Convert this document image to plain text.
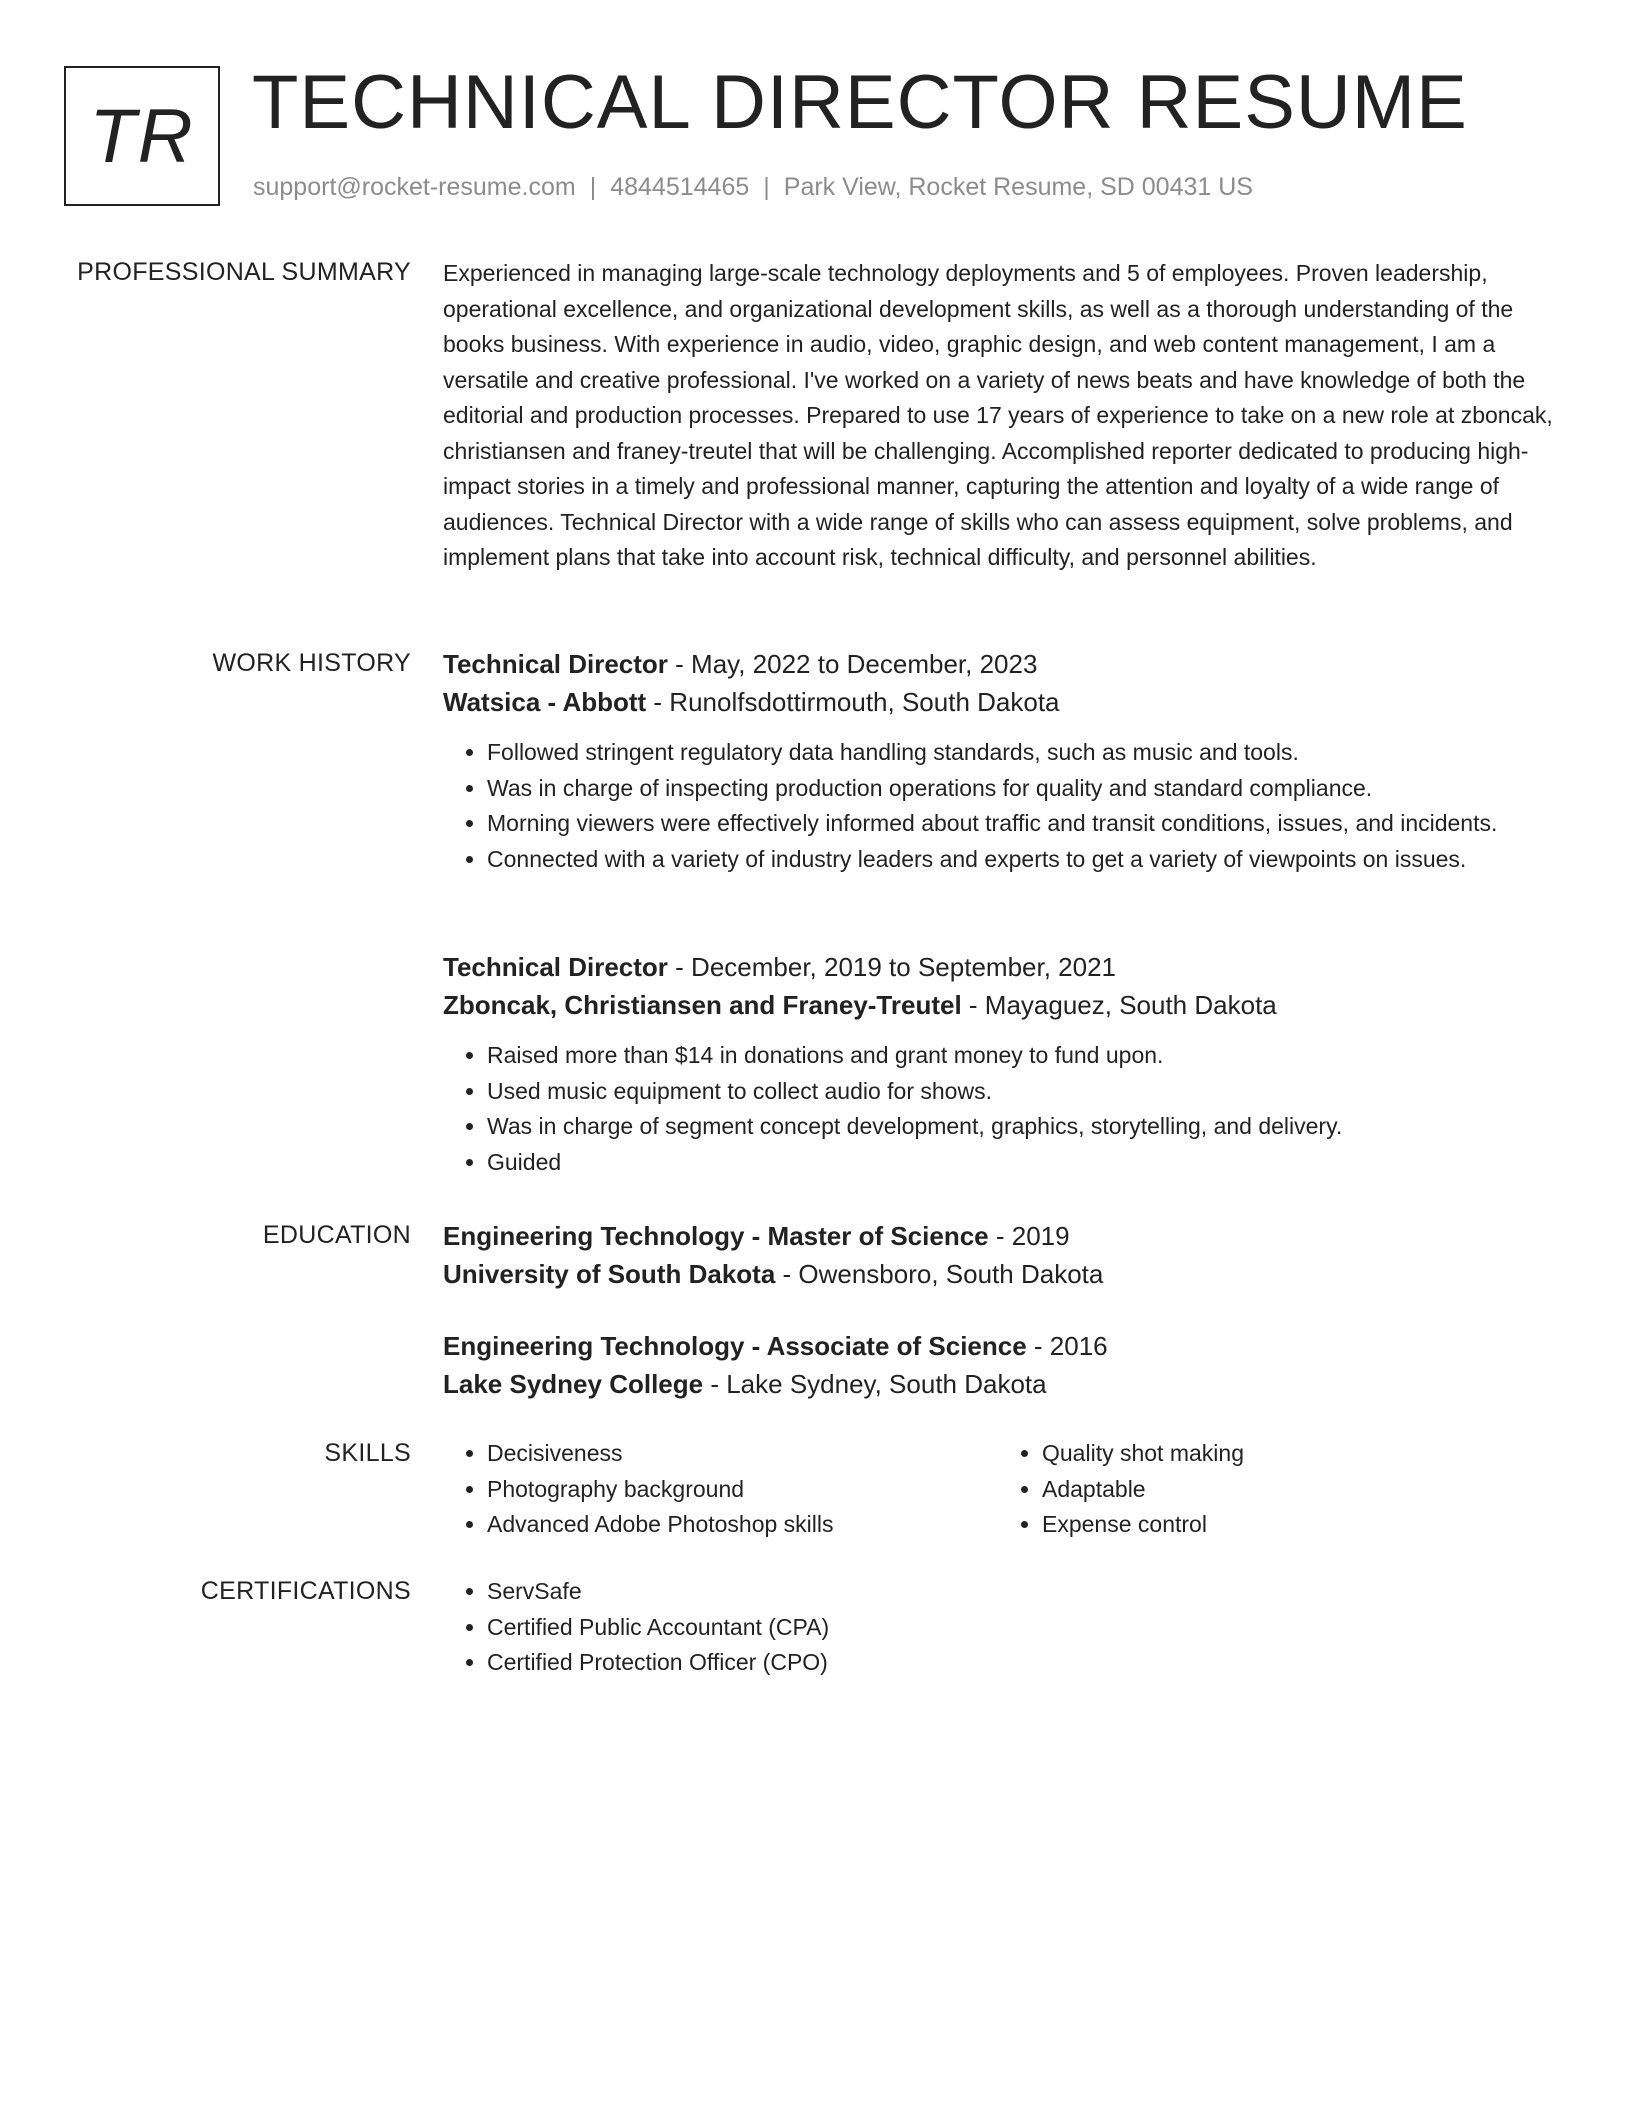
TR TECHNICAL DIRECTOR RESUME
support@rocket-resume.com | 4844514465 | Park View, Rocket Resume, SD 00431 US
PROFESSIONAL SUMMARY Experienced in managing large-scale technology deployments and 5 of employees. Proven leadership, operational excellence, and organizational development skills, as well as a thorough understanding of the books business. With experience in audio, video, graphic design, and web content management, I am a versatile and creative professional. I've worked on a variety of news beats and have knowledge of both the editorial and production processes. Prepared to use 17 years of experience to take on a new role at zboncak, christiansen and franey-treutel that will be challenging. Accomplished reporter dedicated to producing high-impact stories in a timely and professional manner, capturing the attention and loyalty of a wide range of audiences. Technical Director with a wide range of skills who can assess equipment, solve problems, and implement plans that take into account risk, technical difficulty, and personnel abilities.
WORK HISTORY Technical Director - May, 2022 to December, 2023
Watsica - Abbott - Runolfsdottirmouth, South Dakota
• Followed stringent regulatory data handling standards, such as music and tools.
• Was in charge of inspecting production operations for quality and standard compliance.
• Morning viewers were effectively informed about traffic and transit conditions, issues, and incidents.
• Connected with a variety of industry leaders and experts to get a variety of viewpoints on issues.
Technical Director - December, 2019 to September, 2021
Zboncak, Christiansen and Franey-Treutel - Mayaguez, South Dakota
• Raised more than $14 in donations and grant money to fund upon.
• Used music equipment to collect audio for shows.
• Was in charge of segment concept development, graphics, storytelling, and delivery.
• Guided
EDUCATION Engineering Technology - Master of Science - 2019
University of South Dakota - Owensboro, South Dakota
Engineering Technology - Associate of Science - 2016
Lake Sydney College - Lake Sydney, South Dakota
SKILLS	• Decisiveness
• Photography background
• Advanced Adobe Photoshop skills
• Quality shot making
• Adaptable
• Expense control
CERTIFICATIONS	• ServSafe
• Certified Public Accountant (CPA)
• Certified Protection Officer (CPO)
